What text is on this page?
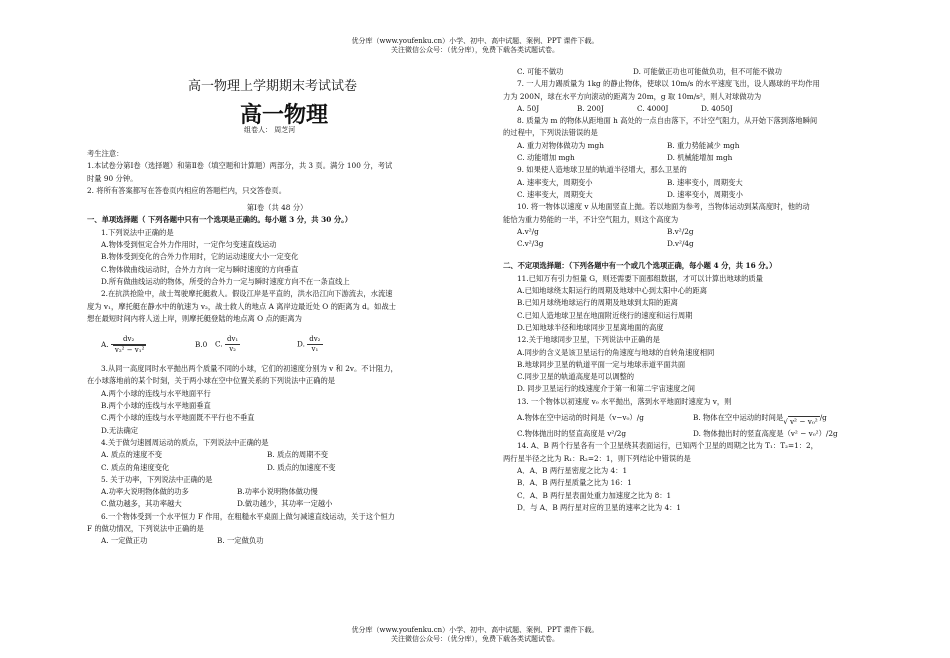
优分库（www.youfenku.cn）小学、初中、高中试题、案例、PPT 课件下载。
关注微信公众号：（优分库），免费下载各类试题试卷。
高一物理上学期期末考试试卷
高一物理
组卷人： 周芝河
考生注意：
1.本试卷分第Ⅰ卷（选择题）和第Ⅱ卷（填空题和计算题）两部分，共 3 页。满分 100 分，考试
时量 90 分钟。
2. 将所有答案都写在答卷页内相应的答题栏内，只交答卷页。
第Ⅰ卷（共 48 分）
一、单项选择题（ 下列各题中只有一个选项是正确的。每小题 3 分，共 30 分。）
1.下列说法中正确的是
A.物体受到恒定合外力作用时，一定作匀变速直线运动
B.物体受到变化的合外力作用时，它的运动速度大小一定变化
C.物体做曲线运动时，合外力方向一定与瞬时速度的方向垂直
D.所有做曲线运动的物体，所受的合外力一定与瞬时速度方向不在一条直线上
2.在抗洪抢险中，战士驾驶摩托艇救人。假设江岸是平直的，洪水沿江向下游流去，水流速
度为 v₁，摩托艇在静水中的航速为 v₂，战士救人的地点 A 离岸边最近处 O 的距离为 d。如战士
想在最短时间内将人送上岸，则摩托艇登陆的地点离 O 点的距离为
A. $\frac{\text{dv₂}}{\text{v₂² − v₁²}}$	B.0 C. $\frac{\text{dv₁}}{\text{v₂}}$	D. $\frac{\text{dv₂}}{\text{v₁}}$
3.从同一高度同时水平抛出两个质量不同的小球，它们的初速度分别为 v 和 2v。不计阻力，
在小球落地前的某个时刻，关于两小球在空中位置关系的下列说法中正确的是
A.两个小球的连线与水平地面平行
B.两个小球的连线与水平地面垂直
C.两个小球的连线与水平地面既不平行也不垂直
D.无法确定
4.关于做匀速圆周运动的质点，下列说法中正确的是
A. 质点的速度不变	B. 质点的周期不变
C. 质点的角速度变化	D. 质点的加速度不变
5. 关于功率，下列说法中正确的是
A.功率大说明物体做的功多	B.功率小说明物体做功慢
C.做功越多，其功率越大	D.做功越少，其功率一定越小
6.一个物体受到一个水平恒力 F 作用，在粗糙水平桌面上做匀减速直线运动，关于这个恒力
F 的做功情况，下列说法中正确的是
A. 一定做正功	B. 一定做负功
C. 可能不做功	D. 可能做正功也可能做负功，但不可能不做功
7. 一人用力踢质量为 1kg 的静止物体，使球以 10m/s 的水平速度飞出，设人踢球的平均作用
力为 200N，球在水平方向滚动的距离为 20m，g 取 10m/s²，则人对球做功为
A. 50J	B. 200J	C. 4000J	D. 4050J
8. 质量为 m 的物体从距地面 h 高处的一点自由落下，不计空气阻力，从开始下落到落地瞬间
的过程中，下列说法错误的是
A. 重力对物体做功为 mgh	B. 重力势能减少 mgh
C. 动能增加 mgh	D. 机械能增加 mgh
9. 如果使人造地球卫星的轨道半径增大，那么卫星的
A. 速率变大，周期变小	B. 速率变小，周期变大
C. 速率变大，周期变大	D. 速率变小，周期变小
10. 将一物体以速度 v 从地面竖直上抛。若以地面为参考，当物体运动到某高度时，他的动
能恰为重力势能的一半，不计空气阻力，则这个高度为
A.v²/g	B.v²/2g
C.v²/3g	D.v²/4g
二、不定项选择题：（下列各题中有一个或几个选项正确，每小题 4 分，共 16 分。）
11.已知万有引力恒量 G，则还需要下面那组数据，才可以计算出地球的质量
A.已知地球绕太阳运行的周期及地球中心到太阳中心的距离
B.已知月球绕地球运行的周期及地球到太阳的距离
C.已知人造地球卫星在地面附近绕行的速度和运行周期
D.已知地球半径和地球同步卫星离地面的高度
12.关于地球同步卫星，下列说法中正确的是
A.同步的含义是该卫星运行的角速度与地球的自转角速度相同
B.地球同步卫星的轨道平面一定与地球赤道平面共面
C.同步卫星的轨道高度是可以调整的
D. 同步卫星运行的线速度介于第一和第二宇宙速度之间
13. 一个物体以初速度 v₀ 水平抛出，落到水平地面时速度为 v，则
A.物体在空中运动的时间是（v−v₀）/g	B. 物体在空中运动的时间是√ v² − v₀² /g
C.物体抛出时的竖直高度是 v²/2g	D. 物体抛出时的竖直高度是（v² − v₀²）/2g
14. A、B 两个行星各有一个卫星绕其表面运行，已知两个卫星的周期之比为 T₁：T₂=1：2，
两行星半径之比为 R₁：R₂=2：1，则下列结论中错误的是
A．A、B 两行星密度之比为 4：1
B．A、B 两行星质量之比为 16：1
C．A、B 两行星表面处重力加速度之比为 8：1
D．与 A、B 两行星对应的卫星的速率之比为 4：1
优分库（www.youfenku.cn）小学、初中、高中试题、案例、PPT 课件下载。
关注微信公众号：（优分库），免费下载各类试题试卷。
